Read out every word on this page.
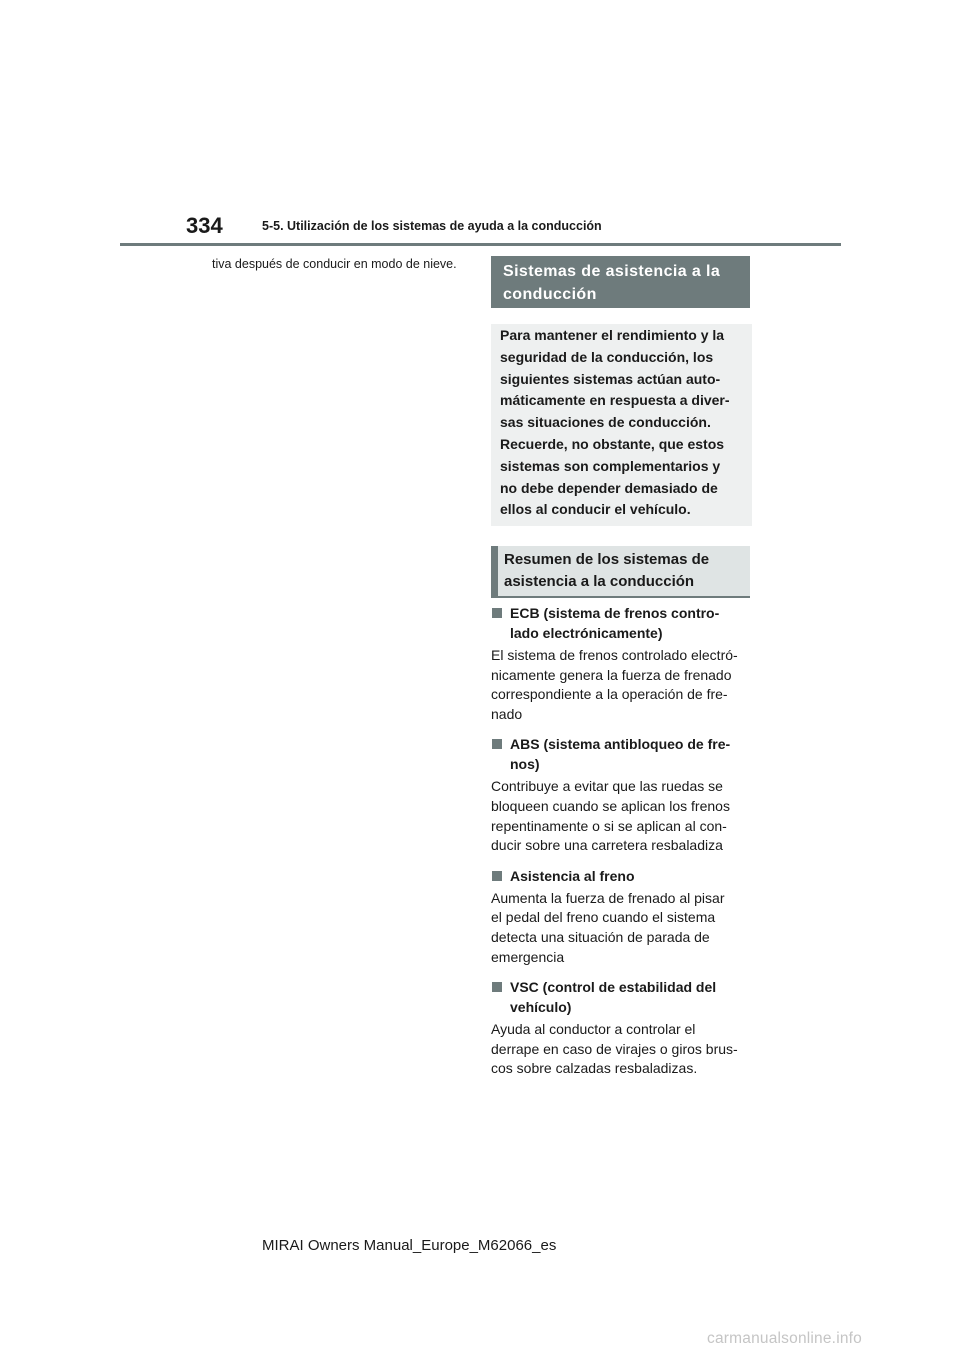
334	5-5. Utilización de los sistemas de ayuda a la conducción
tiva después de conducir en modo de nieve.	Sistemas de asistencia a la
conducción
Para mantener el rendimiento y la
seguridad de la conducción, los
siguientes sistemas actúan auto-
máticamente en respuesta a diver-
sas situaciones de conducción.
Recuerde, no obstante, que estos
sistemas son complementarios y
no debe depender demasiado de
ellos al conducir el vehículo.
Resumen de los sistemas de
asistencia a la conducción
ECB (sistema de frenos contro-
lado electrónicamente)
El sistema de frenos controlado electró-
nicamente genera la fuerza de frenado
correspondiente a la operación de fre-
nado
ABS (sistema antibloqueo de fre-
nos)
Contribuye a evitar que las ruedas se
bloqueen cuando se aplican los frenos
repentinamente o si se aplican al con-
ducir sobre una carretera resbaladiza
Asistencia al freno
Aumenta la fuerza de frenado al pisar
el pedal del freno cuando el sistema
detecta una situación de parada de
emergencia
VSC (control de estabilidad del
vehículo)
Ayuda al conductor a controlar el
derrape en caso de virajes o giros brus-
cos sobre calzadas resbaladizas.
MIRAI Owners Manual_Europe_M62066_es
carmanualsonline.info
